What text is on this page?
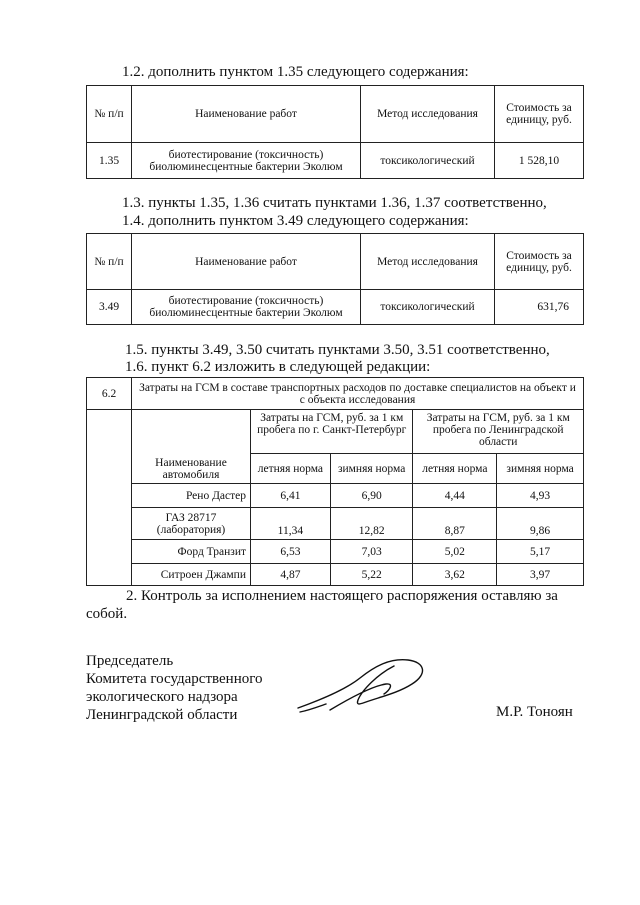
1.2. дополнить пунктом 1.35 следующего содержания:
№ п/п	Наименование работ	Метод исследования	Стоимость за единицу, руб.
1.35	биотестирование (токсичность) биолюминесцентные бактерии Эколюм	токсикологический	1 528,10
1.3. пункты 1.35, 1.36 считать пунктами 1.36, 1.37 соответственно,
1.4. дополнить пунктом 3.49 следующего содержания:
№ п/п	Наименование работ	Метод исследования	Стоимость за единицу, руб.
3.49	биотестирование (токсичность) биолюминесцентные бактерии Эколюм	токсикологический	631,76
1.5. пункты 3.49, 3.50 считать пунктами 3.50, 3.51 соответственно,
1.6. пункт 6.2 изложить в следующей редакции:
6.2	Затраты на ГСМ в составе транспортных расходов по доставке специалистов на объект и с объекта исследования				
	Наименование автомобиля	Затраты на ГСМ, руб. за 1 км пробега по г. Санкт-Петербург		Затраты на ГСМ, руб. за 1 км пробега по Ленинградской области	
		летняя норма	зимняя норма	летняя норма	зимняя норма
	Рено Дастер	6,41	6,90	4,44	4,93
	ГАЗ 28717 (лаборатория)	11,34	12,82	8,87	9,86
	Форд Транзит	6,53	7,03	5,02	5,17
	Ситроен Джампи	4,87	5,22	3,62	3,97
2. Контроль за исполнением настоящего распоряжения оставляю за
собой.
Председатель
Комитета государственного
экологического надзора
Ленинградской области	М.Р. Тоноян
